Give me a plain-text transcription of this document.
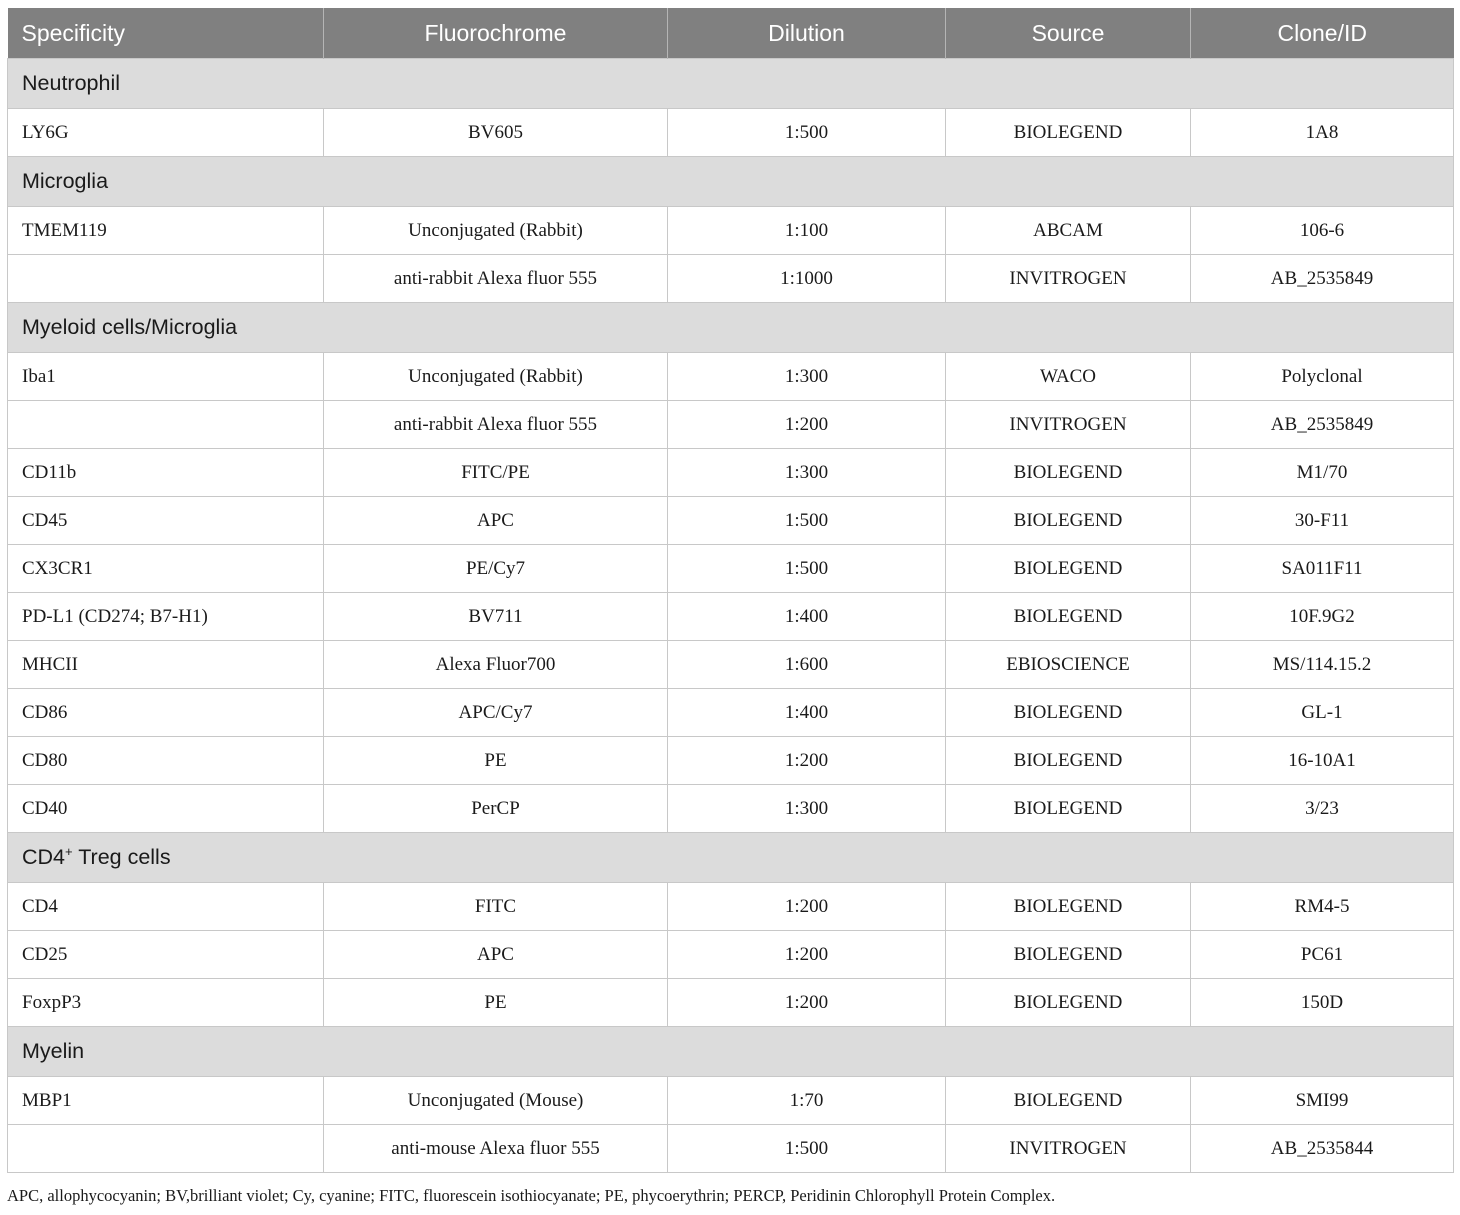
Specificity	Fluorochrome	Dilution	Source	Clone/ID
Neutrophil				
LY6G	BV605	1:500	BIOLEGEND	1A8
Microglia				
TMEM119	Unconjugated (Rabbit)	1:100	ABCAM	106-6
	anti-rabbit Alexa fluor 555	1:1000	INVITROGEN	AB_2535849
Myeloid cells/Microglia				
Iba1	Unconjugated (Rabbit)	1:300	WACO	Polyclonal
	anti-rabbit Alexa fluor 555	1:200	INVITROGEN	AB_2535849
CD11b	FITC/PE	1:300	BIOLEGEND	M1/70
CD45	APC	1:500	BIOLEGEND	30-F11
CX3CR1	PE/Cy7	1:500	BIOLEGEND	SA011F11
PD-L1 (CD274; B7-H1)	BV711	1:400	BIOLEGEND	10F.9G2
MHCII	Alexa Fluor700	1:600	EBIOSCIENCE	MS/114.15.2
CD86	APC/Cy7	1:400	BIOLEGEND	GL-1
CD80	PE	1:200	BIOLEGEND	16-10A1
CD40	PerCP	1:300	BIOLEGEND	3/23
CD4+ Treg cells				
CD4	FITC	1:200	BIOLEGEND	RM4-5
CD25	APC	1:200	BIOLEGEND	PC61
FoxpP3	PE	1:200	BIOLEGEND	150D
Myelin				
MBP1	Unconjugated (Mouse)	1:70	BIOLEGEND	SMI99
	anti-mouse Alexa fluor 555	1:500	INVITROGEN	AB_2535844
APC, allophycocyanin; BV,brilliant violet; Cy, cyanine; FITC, fluorescein isothiocyanate; PE, phycoerythrin; PERCP, Peridinin Chlorophyll Protein Complex.
